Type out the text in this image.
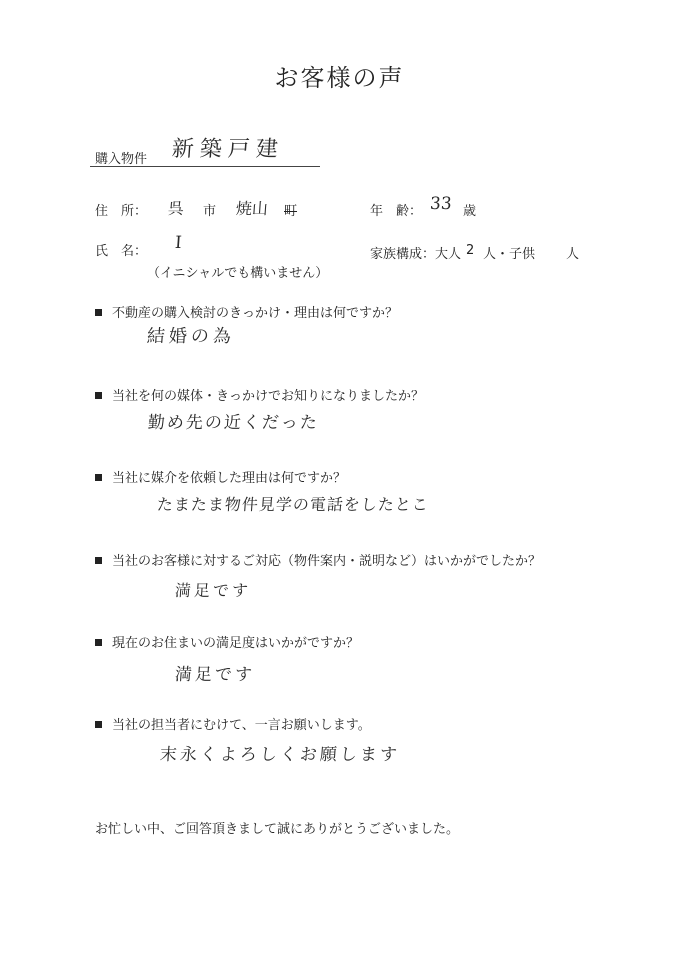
お客様の声
購入物件 新築戸建
住　所： 呉 市 焼山 町	年　齢： 33 歳
氏　名： I
（イニシャルでも構いません）
家族構成：大人 2 人・子供 人
不動産の購入検討のきっかけ・理由は何ですか？
結婚の為
当社を何の媒体・きっかけでお知りになりましたか？
勤め先の近くだった
当社に媒介を依頼した理由は何ですか？
たまたま物件見学の電話をしたとこ
当社のお客様に対するご対応（物件案内・説明など）はいかがでしたか？
満足です
現在のお住まいの満足度はいかがですか？
満足です
当社の担当者にむけて、一言お願いします。
末永くよろしくお願します
お忙しい中、ご回答頂きまして誠にありがとうございました。
